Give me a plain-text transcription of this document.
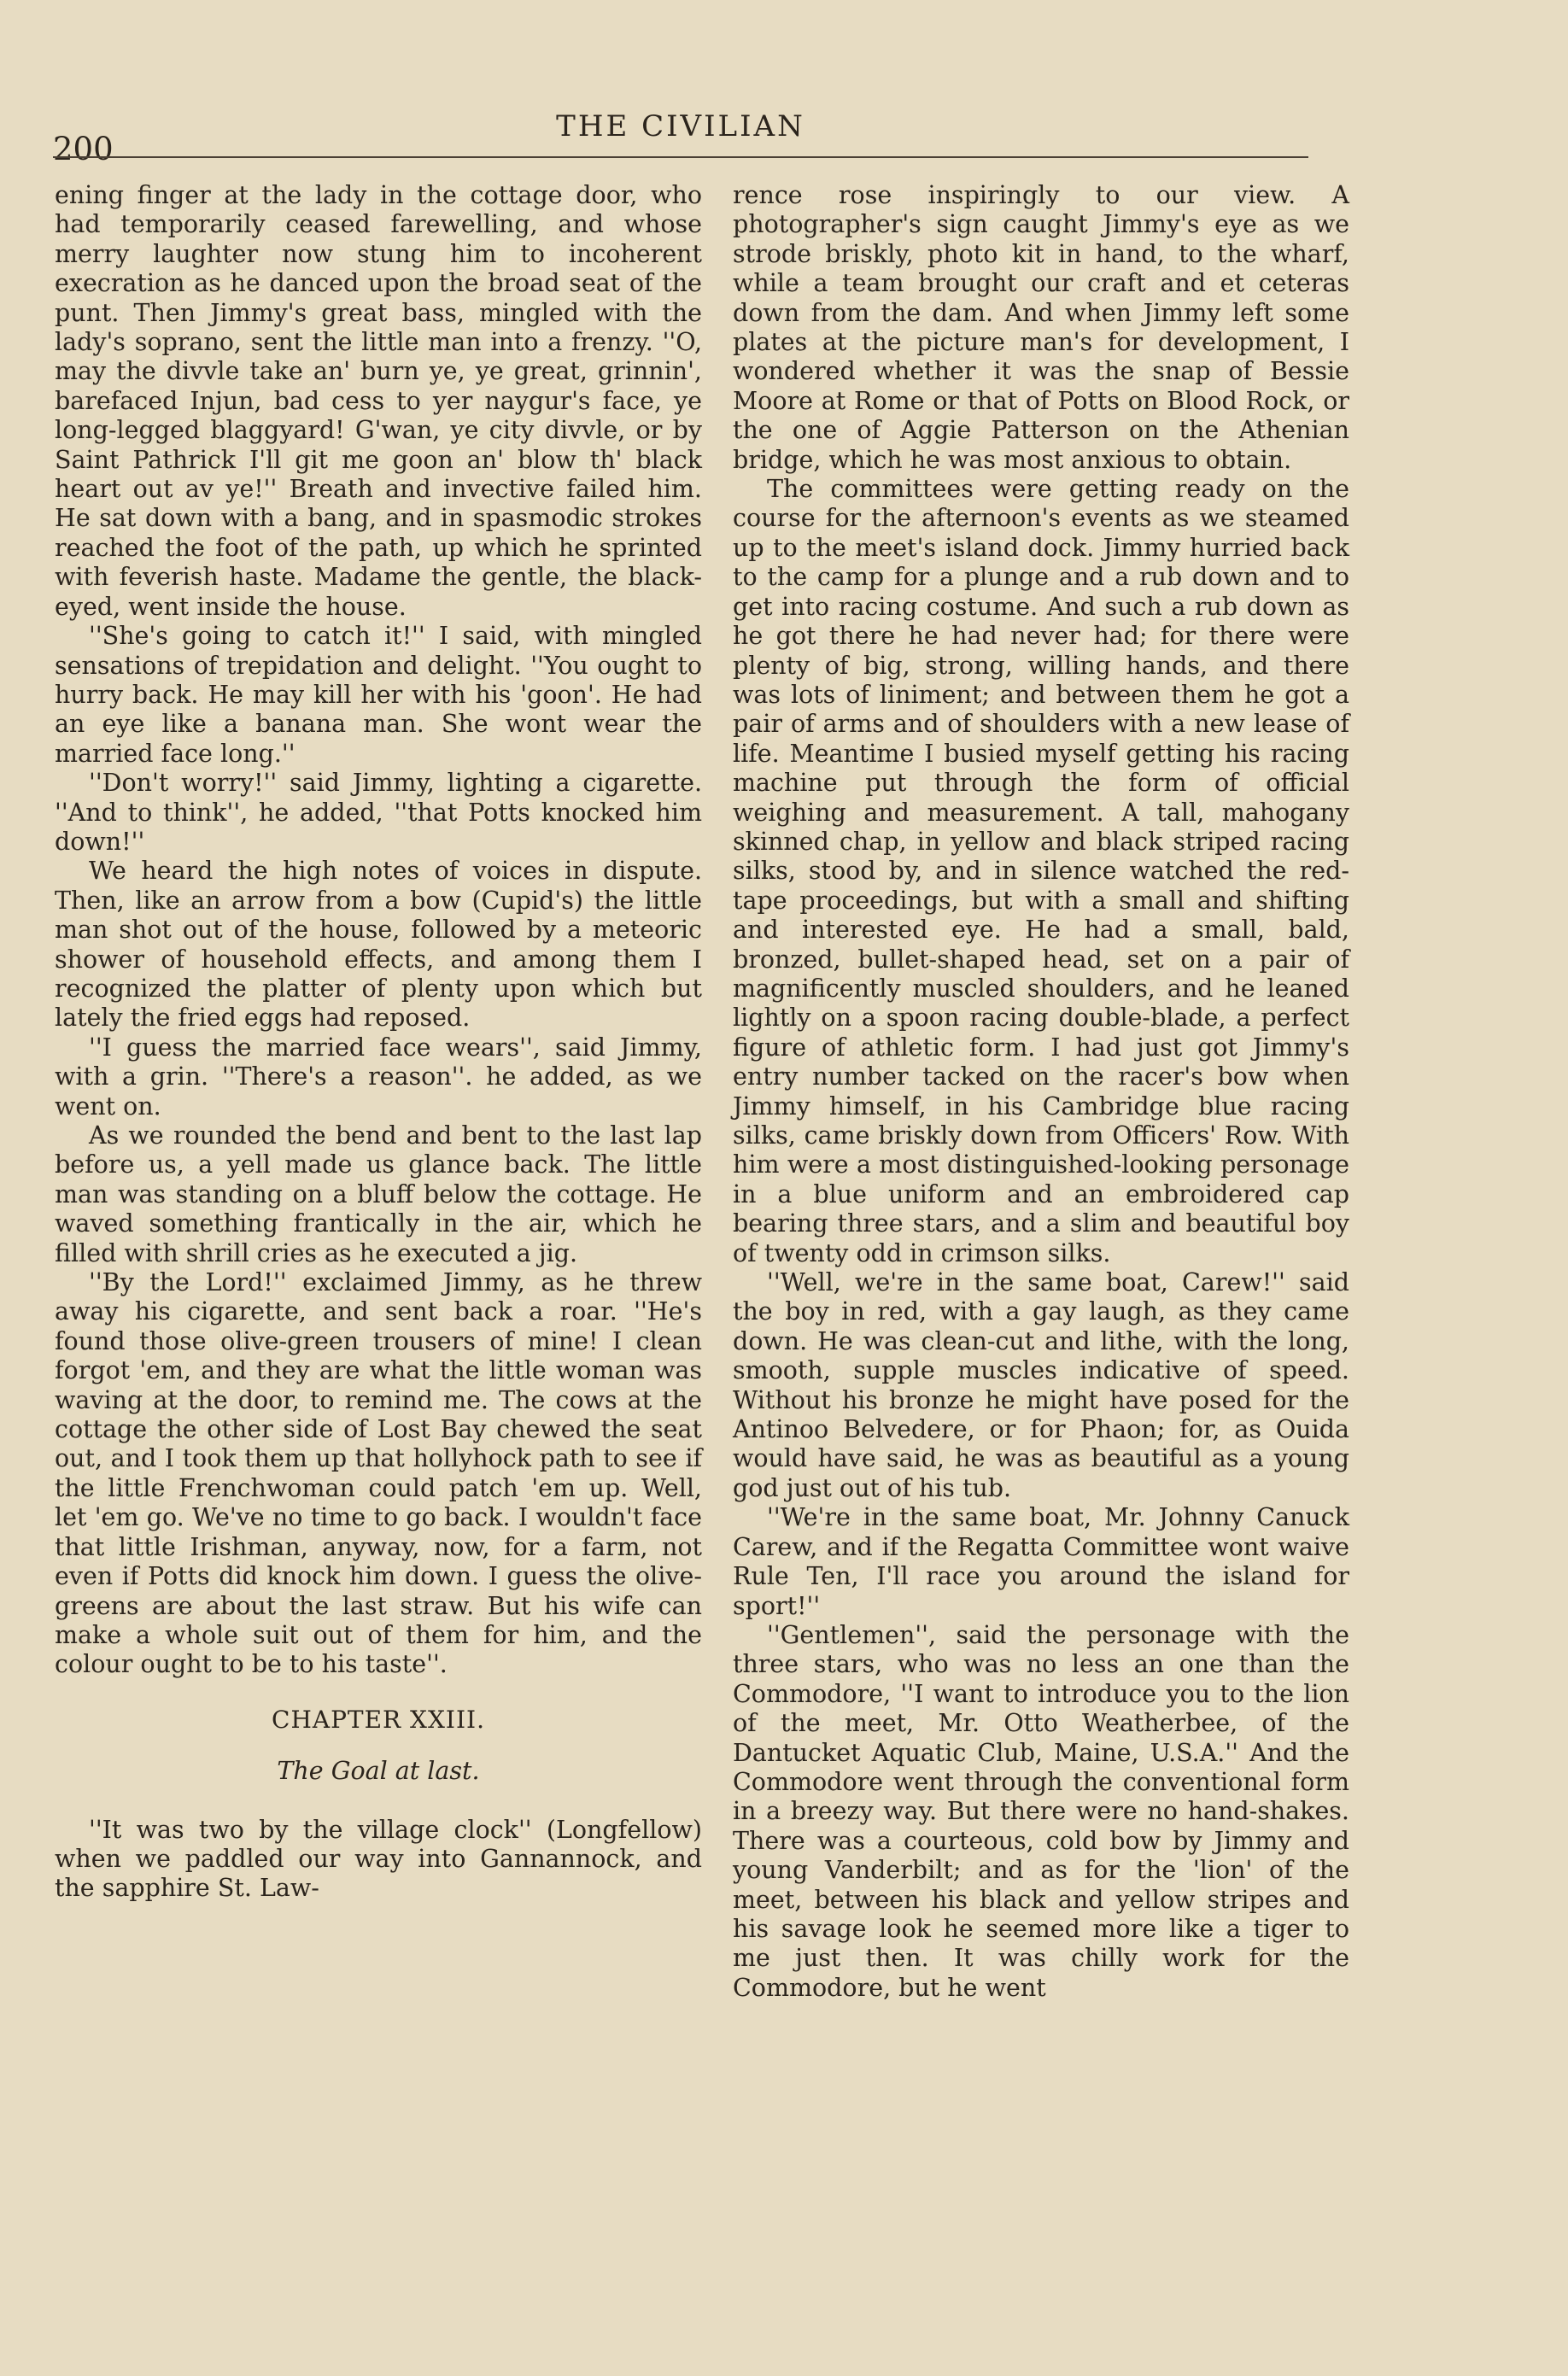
200
THE CIVILIAN

ening finger at the lady in the cottage door, who had temporarily ceased farewelling, and whose merry laughter now stung him to incoherent execration as he danced upon the broad seat of the punt. Then Jimmy's great bass, mingled with the lady's soprano, sent the little man into a frenzy. ''O, may the divvle take an' burn ye, ye great, grinnin', barefaced Injun, bad cess to yer naygur's face, ye long-legged blaggyard! G'wan, ye city divvle, or by Saint Pathrick I'll git me goon an' blow th' black heart out av ye!'' Breath and invective failed him. He sat down with a bang, and in spasmodic strokes reached the foot of the path, up which he sprinted with feverish haste. Madame the gentle, the black-eyed, went inside the house.

''She's going to catch it!'' I said, with mingled sensations of trepidation and delight. ''You ought to hurry back. He may kill her with his 'goon'. He had an eye like a banana man. She wont wear the married face long.''

''Don't worry!'' said Jimmy, lighting a cigarette. ''And to think'', he added, ''that Potts knocked him down!''

We heard the high notes of voices in dispute. Then, like an arrow from a bow (Cupid's) the little man shot out of the house, followed by a meteoric shower of household effects, and among them I recognized the platter of plenty upon which but lately the fried eggs had reposed.

''I guess the married face wears'', said Jimmy, with a grin. ''There's a reason''. he added, as we went on.

As we rounded the bend and bent to the last lap before us, a yell made us glance back. The little man was standing on a bluff below the cottage. He waved something frantically in the air, which he filled with shrill cries as he executed a jig.

''By the Lord!'' exclaimed Jimmy, as he threw away his cigarette, and sent back a roar. ''He's found those olive-green trousers of mine! I clean forgot 'em, and they are what the little woman was waving at the door, to remind me. The cows at the cottage the other side of Lost Bay chewed the seat out, and I took them up that hollyhock path to see if the little Frenchwoman could patch 'em up. Well, let 'em go. We've no time to go back. I wouldn't face that little Irishman, anyway, now, for a farm, not even if Potts did knock him down. I guess the olive-greens are about the last straw. But his wife can make a whole suit out of them for him, and the colour ought to be to his taste''.

CHAPTER XXIII.
The Goal at last.

''It was two by the village clock'' (Longfellow) when we paddled our way into Gannannock, and the sapphire St. Law-

rence rose inspiringly to our view. A photographer's sign caught Jimmy's eye as we strode briskly, photo kit in hand, to the wharf, while a team brought our craft and et ceteras down from the dam. And when Jimmy left some plates at the picture man's for development, I wondered whether it was the snap of Bessie Moore at Rome or that of Potts on Blood Rock, or the one of Aggie Patterson on the Athenian bridge, which he was most anxious to obtain.

The committees were getting ready on the course for the afternoon's events as we steamed up to the meet's island dock. Jimmy hurried back to the camp for a plunge and a rub down and to get into racing costume. And such a rub down as he got there he had never had; for there were plenty of big, strong, willing hands, and there was lots of liniment; and between them he got a pair of arms and of shoulders with a new lease of life. Meantime I busied myself getting his racing machine put through the form of official weighing and measurement. A tall, mahogany skinned chap, in yellow and black striped racing silks, stood by, and in silence watched the red-tape proceedings, but with a small and shifting and interested eye. He had a small, bald, bronzed, bullet-shaped head, set on a pair of magnificently muscled shoulders, and he leaned lightly on a spoon racing double-blade, a perfect figure of athletic form. I had just got Jimmy's entry number tacked on the racer's bow when Jimmy himself, in his Cambridge blue racing silks, came briskly down from Officers' Row. With him were a most distinguished-looking personage in a blue uniform and an embroidered cap bearing three stars, and a slim and beautiful boy of twenty odd in crimson silks.

''Well, we're in the same boat, Carew!'' said the boy in red, with a gay laugh, as they came down. He was clean-cut and lithe, with the long, smooth, supple muscles indicative of speed. Without his bronze he might have posed for the Antinoo Belvedere, or for Phaon; for, as Ouida would have said, he was as beautiful as a young god just out of his tub.

''We're in the same boat, Mr. Johnny Canuck Carew, and if the Regatta Committee wont waive Rule Ten, I'll race you around the island for sport!''

''Gentlemen'', said the personage with the three stars, who was no less an one than the Commodore, ''I want to introduce you to the lion of the meet, Mr. Otto Weatherbee, of the Dantucket Aquatic Club, Maine, U.S.A.'' And the Commodore went through the conventional form in a breezy way. But there were no hand-shakes. There was a courteous, cold bow by Jimmy and young Vanderbilt; and as for the 'lion' of the meet, between his black and yellow stripes and his savage look he seemed more like a tiger to me just then. It was chilly work for the Commodore, but he went
